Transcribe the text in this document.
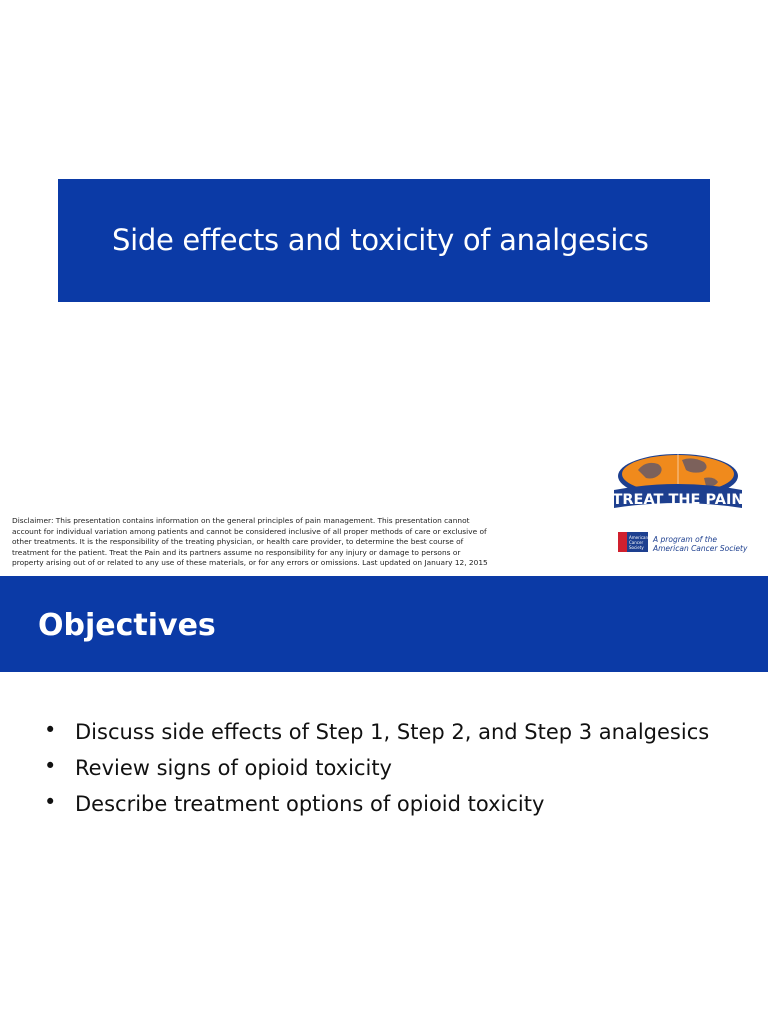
Side effects and toxicity of analgesics
Disclaimer: This presentation contains information on the general principles of pain management. This presentation cannot account for individual variation among patients and cannot be considered inclusive of all proper methods of care or exclusive of other treatments. It is the responsibility of the treating physician, or health care provider, to determine the best course of treatment for the patient. Treat the Pain and its partners assume no responsibility for any injury or damage to persons or property arising out of or related to any use of these materials, or for any errors or omissions. Last updated on January 12, 2015
TREAT THE PAIN
American
Cancer
Society
A program of the
American Cancer Society
Objectives
• Discuss side effects of Step 1, Step 2, and Step 3 analgesics
• Review signs of opioid toxicity
• Describe treatment options of opioid toxicity
